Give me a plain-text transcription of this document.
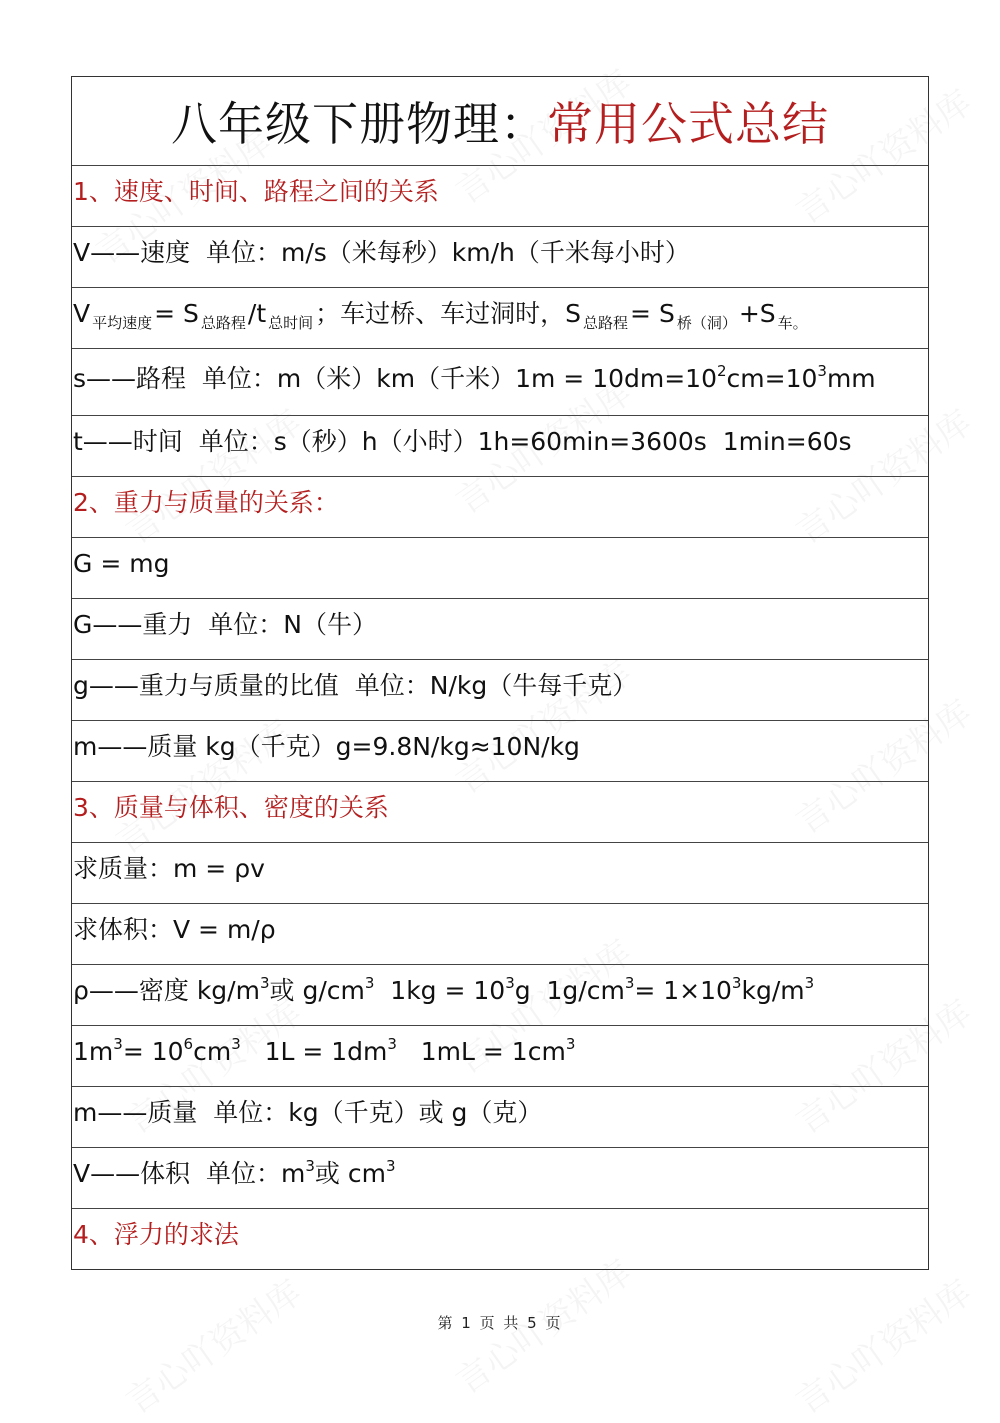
八年级下册物理： 常用公式总结
1、速度、时间、路程之间的关系
V——速度  单位：m/s（米每秒）km/h（千米每小时）
V $_{平均速度}$= S $_{总路程}$/t $_{总时间}$；车过桥、车过洞时，S $_{总路程}$= S $_{桥(洞)}$+S $_{车。}$
s——路程  单位：m（米）km（千米）$1m = 10dm=10^2cm=10^3mm$
t——时间  单位：s（秒）h（小时）1h=60min=3600s  1min=60s
2、重力与质量的关系：
G = mg
G——重力  单位：N（牛）
g——重力与质量的比值  单位：N/kg（牛每千克）
m——质量 kg（千克）g=9.8N/kg≈10N/kg
3、质量与体积、密度的关系
求质量：m = ρv
求体积：V = m/ρ
ρ——密度 $kg/m^3$或 $g/cm^3$  $1kg = 10^3g$  $1g/cm^3= 1\times 10^3kg/m^3$
$1m^3= 10^6cm^3$   $1L = 1dm^3$   $1mL = 1cm^3$
m——质量  单位：kg（千克）或 g（克）
V——体积  单位：$m^3$或 $cm^3$
4、浮力的求法
第 1 页 共 5 页
